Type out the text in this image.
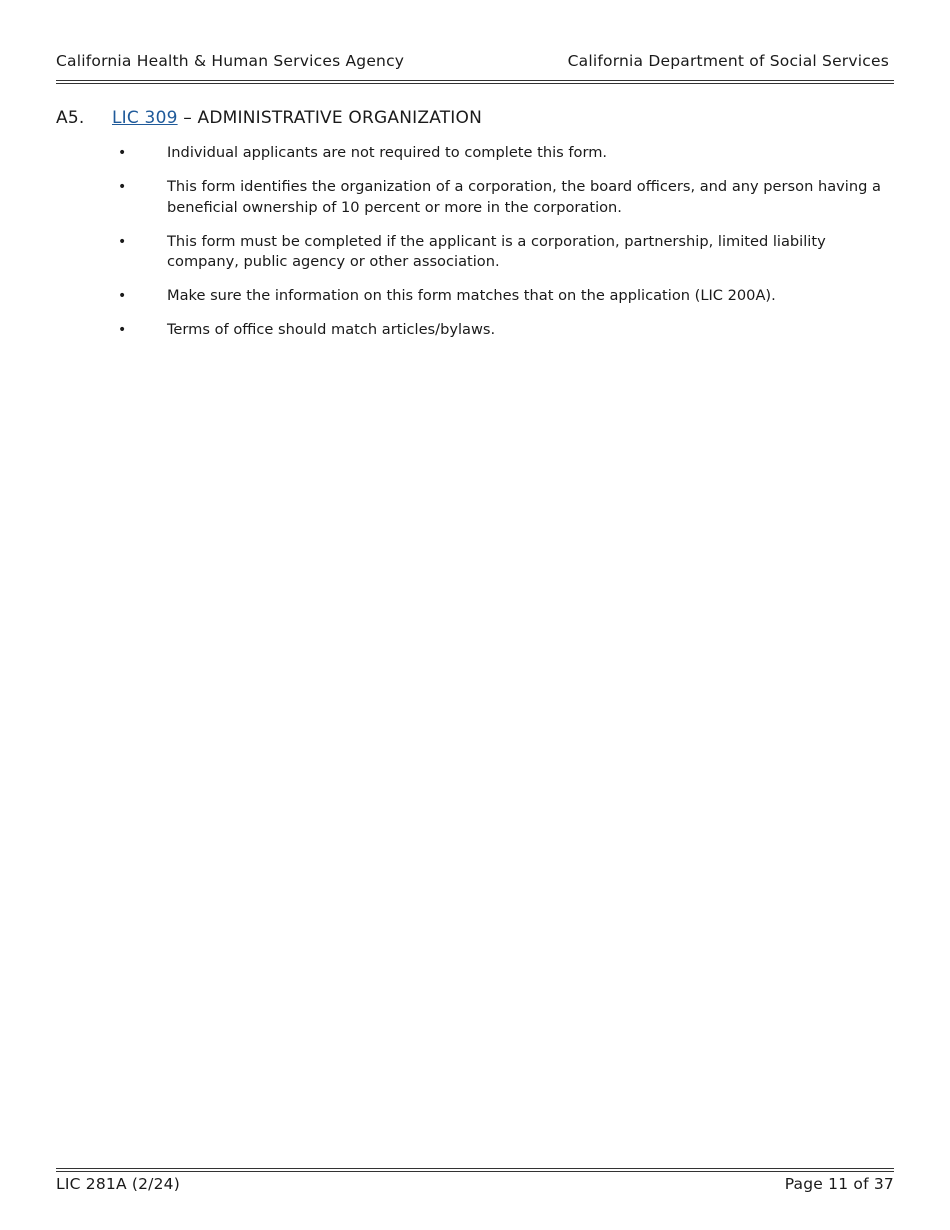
California Health & Human Services Agency	California Department of Social Services
A5. LIC 309 – ADMINISTRATIVE ORGANIZATION
•	Individual applicants are not required to complete this form.
•	This form identifies the organization of a corporation, the board officers, and any person having a beneficial ownership of 10 percent or more in the corporation.
•	This form must be completed if the applicant is a corporation, partnership, limited liability company, public agency or other association.
•	Make sure the information on this form matches that on the application (LIC 200A).
•	Terms of office should match articles/bylaws.
LIC 281A (2/24)	Page 11 of 37
